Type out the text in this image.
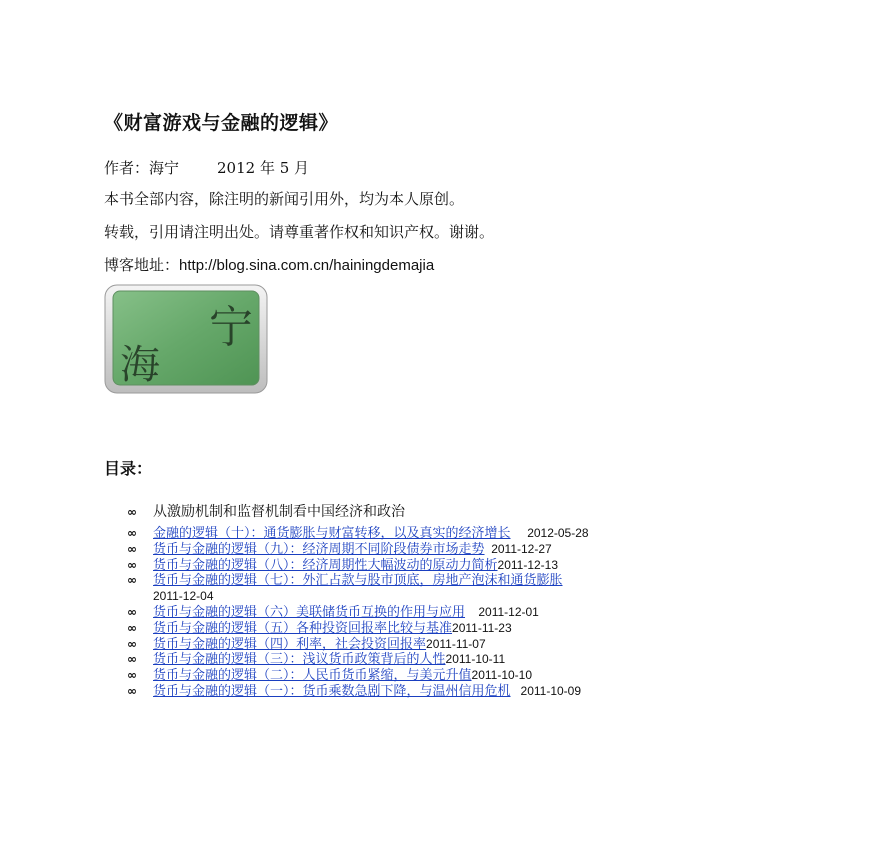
《财富游戏与金融的逻辑》
作者：海宁	2012 年 5 月
本书全部内容，除注明的新闻引用外，均为本人原创。
转载，引用请注明出处。请尊重著作权和知识产权。谢谢。
博客地址：http://blog.sina.com.cn/hainingdemajia
宁
海
目录：
∞ 从激励机制和监督机制看中国经济和政治
∞ 金融的逻辑（十）：通货膨胀与财富转移，以及真实的经济增长 2012-05-28
∞ 货币与金融的逻辑（九）：经济周期不同阶段债券市场走势 2011-12-27
∞ 货币与金融的逻辑（八）：经济周期性大幅波动的原动力简析2011-12-13
∞ 货币与金融的逻辑（七）：外汇占款与股市顶底，房地产泡沫和通货膨胀
2011-12-04
∞ 货币与金融的逻辑（六）美联储货币互换的作用与应用 2011-12-01
∞ 货币与金融的逻辑（五）各种投资回报率比较与基准2011-11-23
∞ 货币与金融的逻辑（四）利率，社会投资回报率2011-11-07
∞ 货币与金融的逻辑（三）：浅议货币政策背后的人性2011-10-11
∞ 货币与金融的逻辑（二）：人民币货币紧缩，与美元升值2011-10-10
∞ 货币与金融的逻辑（一）：货币乘数急剧下降，与温州信用危机 2011-10-09
